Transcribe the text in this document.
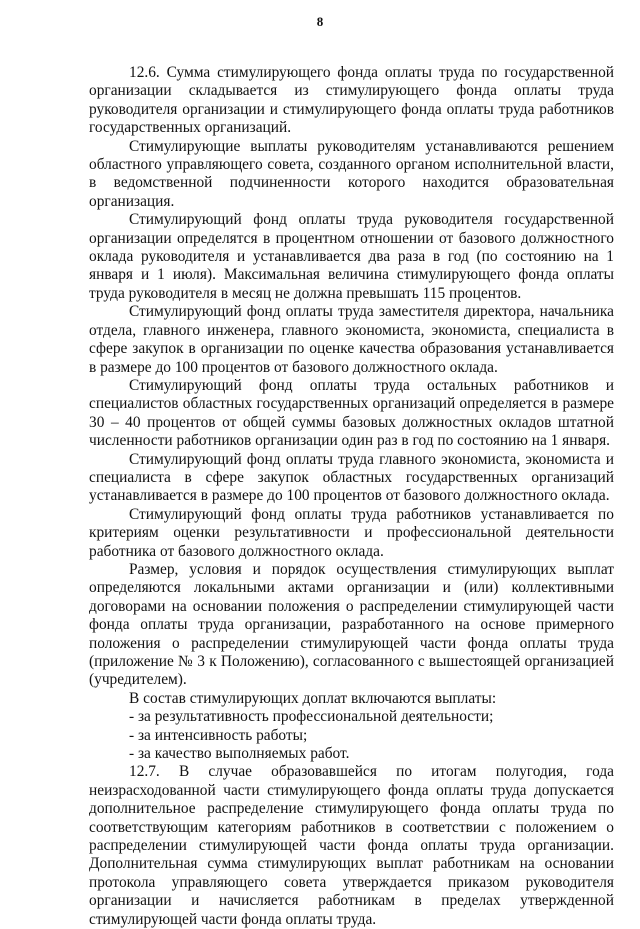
8

12.6. Сумма стимулирующего фонда оплаты труда по государственной организации складывается из стимулирующего фонда оплаты труда руководителя организации и стимулирующего фонда оплаты труда работников государственных организаций.

Стимулирующие выплаты руководителям устанавливаются решением областного управляющего совета, созданного органом исполнительной власти, в ведомственной подчиненности которого находится образовательная организация.

Стимулирующий фонд оплаты труда руководителя государственной организации определятся в процентном отношении от базового должностного оклада руководителя и устанавливается два раза в год (по состоянию на 1 января и 1 июля). Максимальная величина стимулирующего фонда оплаты труда руководителя в месяц не должна превышать 115 процентов.

Стимулирующий фонд оплаты труда заместителя директора, начальника отдела, главного инженера, главного экономиста, экономиста, специалиста в сфере закупок в организации по оценке качества образования устанавливается в размере до 100 процентов от базового должностного оклада.

Стимулирующий фонд оплаты труда остальных работников и специалистов областных государственных организаций определяется в размере 30 – 40 процентов от общей суммы базовых должностных окладов штатной численности работников организации один раз в год по состоянию на 1 января.

Стимулирующий фонд оплаты труда главного экономиста, экономиста и специалиста в сфере закупок областных государственных организаций устанавливается в размере до 100 процентов от базового должностного оклада.

Стимулирующий фонд оплаты труда работников устанавливается по критериям оценки результативности и профессиональной деятельности работника от базового должностного оклада.

Размер, условия и порядок осуществления стимулирующих выплат определяются локальными актами организации и (или) коллективными договорами на основании положения о распределении стимулирующей части фонда оплаты труда организации, разработанного на основе примерного положения о распределении стимулирующей части фонда оплаты труда (приложение № 3 к Положению), согласованного с вышестоящей организацией (учредителем).

В состав стимулирующих доплат включаются выплаты:

- за результативность профессиональной деятельности;
- за интенсивность работы;
- за качество выполняемых работ.

12.7. В случае образовавшейся по итогам полугодия, года неизрасходованной части стимулирующего фонда оплаты труда допускается дополнительное распределение стимулирующего фонда оплаты труда по соответствующим категориям работников в соответствии с положением о распределении стимулирующей части фонда оплаты труда организации. Дополнительная сумма стимулирующих выплат работникам на основании протокола управляющего совета утверждается приказом руководителя организации и начисляется работникам в пределах утвержденной стимулирующей части фонда оплаты труда.
